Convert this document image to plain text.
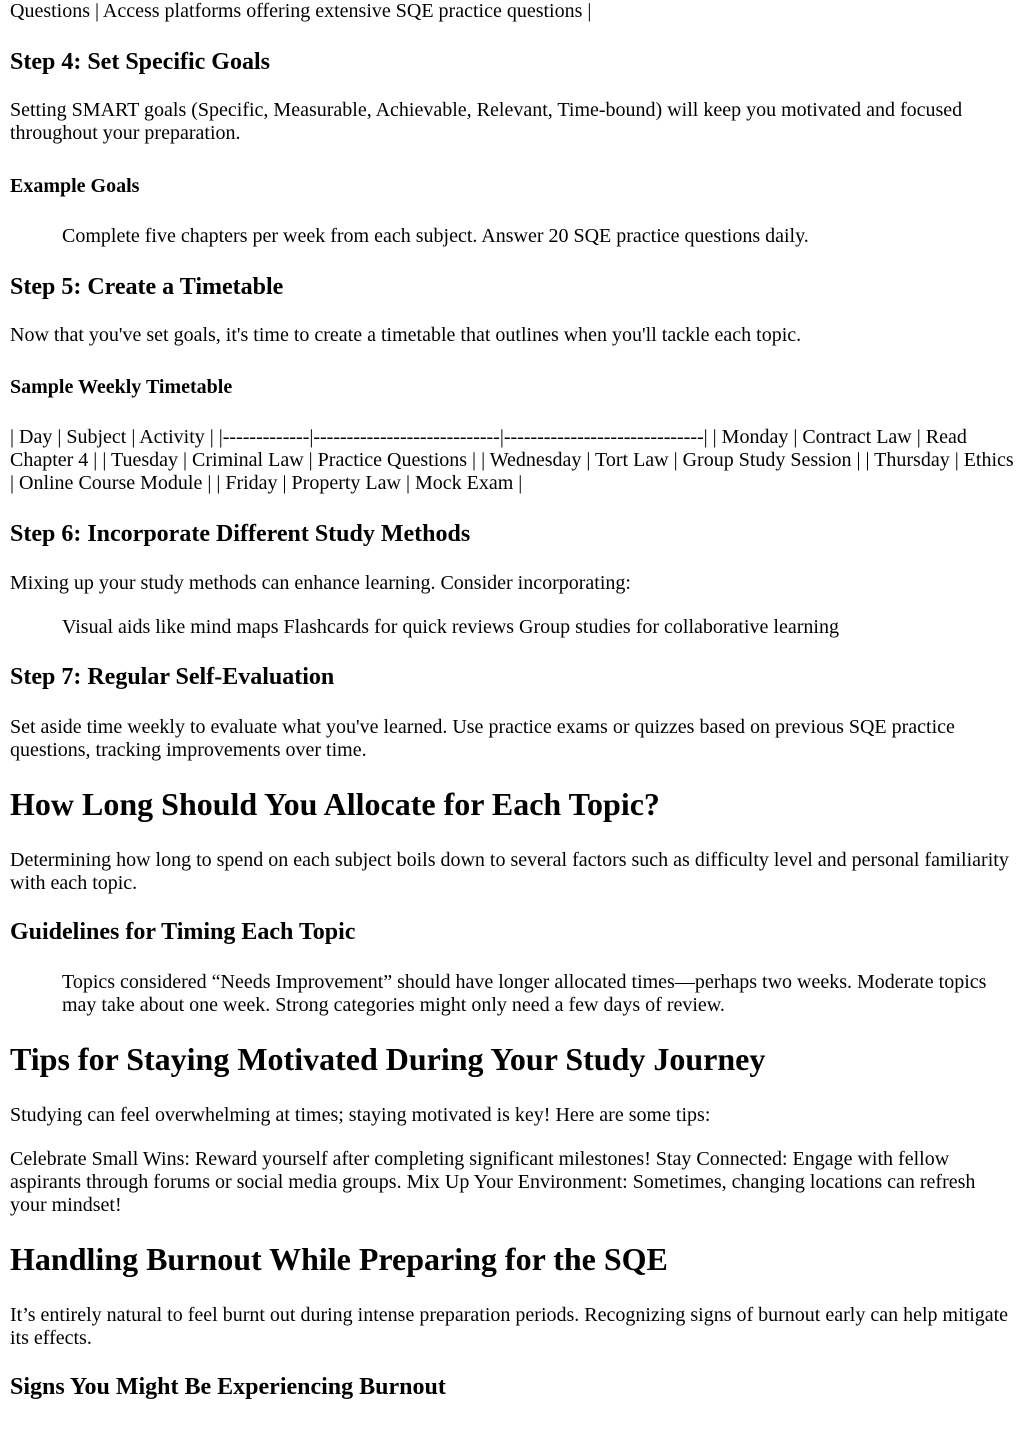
Questions | Access platforms offering extensive SQE practice questions |

Step 4: Set Specific Goals

Setting SMART goals (Specific, Measurable, Achievable, Relevant, Time-bound) will keep you motivated and focused throughout your preparation.

Example Goals

Complete five chapters per week from each subject. Answer 20 SQE practice questions daily.

Step 5: Create a Timetable

Now that you've set goals, it's time to create a timetable that outlines when you'll tackle each topic.

Sample Weekly Timetable

| Day | Subject | Activity | |-------------|----------------------------|------------------------------| | Monday | Contract Law | Read Chapter 4 | | Tuesday | Criminal Law | Practice Questions | | Wednesday | Tort Law | Group Study Session | | Thursday | Ethics | Online Course Module | | Friday | Property Law | Mock Exam |

Step 6: Incorporate Different Study Methods

Mixing up your study methods can enhance learning. Consider incorporating:

Visual aids like mind maps Flashcards for quick reviews Group studies for collaborative learning

Step 7: Regular Self-Evaluation

Set aside time weekly to evaluate what you've learned. Use practice exams or quizzes based on previous SQE practice questions, tracking improvements over time.

How Long Should You Allocate for Each Topic?

Determining how long to spend on each subject boils down to several factors such as difficulty level and personal familiarity with each topic.

Guidelines for Timing Each Topic

Topics considered “Needs Improvement” should have longer allocated times—perhaps two weeks. Moderate topics may take about one week. Strong categories might only need a few days of review.

Tips for Staying Motivated During Your Study Journey

Studying can feel overwhelming at times; staying motivated is key! Here are some tips:

Celebrate Small Wins: Reward yourself after completing significant milestones! Stay Connected: Engage with fellow aspirants through forums or social media groups. Mix Up Your Environment: Sometimes, changing locations can refresh your mindset!

Handling Burnout While Preparing for the SQE

It’s entirely natural to feel burnt out during intense preparation periods. Recognizing signs of burnout early can help mitigate its effects.

Signs You Might Be Experiencing Burnout
